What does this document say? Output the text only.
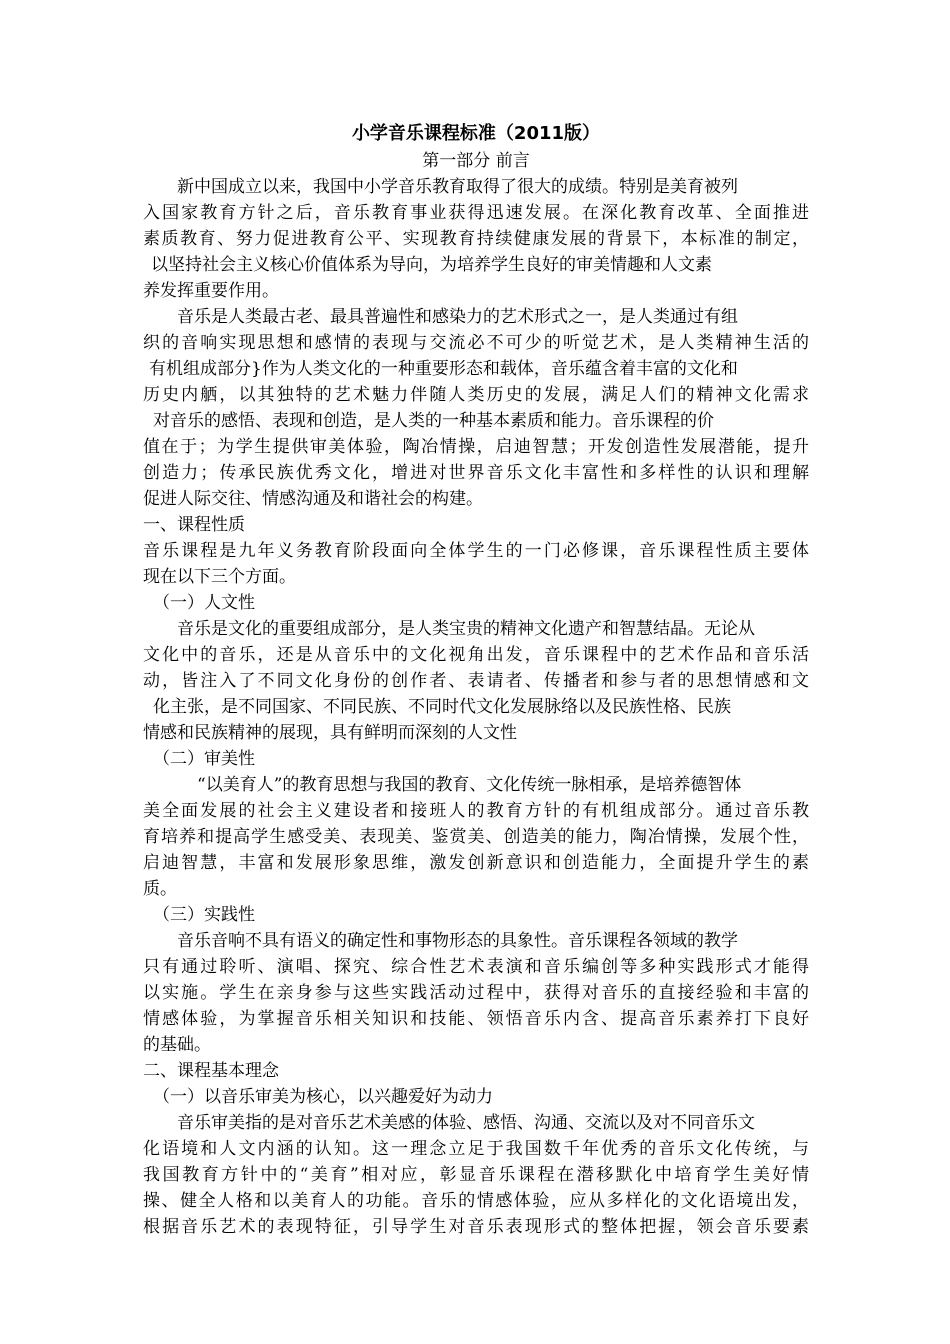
小学音乐课程标准（2011版）

第一部分 前言

新中国成立以来，我国中小学音乐教育取得了很大的成绩。特别是美育被列

入国家教育方针之后，音乐教育事业获得迅速发展。在深化教育改革、全面推进

素质教育、努力促进教育公平、实现教育持续健康发展的背景下，本标准的制定，

以坚持社会主义核心价值体系为导向，为培养学生良好的审美情趣和人文素

养发挥重要作用。

音乐是人类最古老、最具普遍性和感染力的艺术形式之一，是人类通过有组

织的音响实现思想和感情的表现与交流必不可少的听觉艺术，是人类精神生活的

有机组成部分}作为人类文化的一种重要形态和载体，音乐蕴含着丰富的文化和

历史内舾，以其独特的艺术魅力伴随人类历史的发展，满足人们的精神文化需求

对音乐的感悟、表现和创造，是人类的一种基本素质和能力。音乐课程的价

值在于；为学生提供审美体验，陶冶情操，启迪智慧；开发创造性发展潜能，提升

创造力；传承民族优秀文化，增进对世界音乐文化丰富性和多样性的认识和理解

促进人际交往、情感沟通及和谐社会的构建。

一、课程性质

音乐课程是九年义务教育阶段面向全体学生的一门必修课，音乐课程性质主要体

现在以下三个方面。

（一）人文性

音乐是文化的重要组成部分，是人类宝贵的精神文化遗产和智慧结晶。无论从

文化中的音乐，还是从音乐中的文化视角出发，音乐课程中的艺术作品和音乐活

动，皆注入了不同文化身份的创作者、表请者、传播者和参与者的思想情感和文

化主张，是不同国家、不同民族、不同时代文化发展脉络以及民族性格、民族

情感和民族精神的展现，具有鲜明而深刻的人文性

（二）审美性

“以美育人”的教育思想与我国的教育、文化传统一脉相承，是培养德智体

美全面发展的社会主义建设者和接班人的教育方针的有机组成部分。通过音乐教

育培养和提高学生感受美、表现美、鉴赏美、创造美的能力，陶冶情操，发展个性，

启迪智慧，丰富和发展形象思维，激发创新意识和创造能力，全面提升学生的素

质。

（三）实践性

音乐音响不具有语义的确定性和事物形态的具象性。音乐课程各领域的教学

只有通过聆听、演唱、探究、综合性艺术表演和音乐编创等多种实践形式才能得

以实施。学生在亲身参与这些实践活动过程中，获得对音乐的直接经验和丰富的

情感体验，为掌握音乐相关知识和技能、领悟音乐内含、提高音乐素养打下良好

的基础。

二、课程基本理念

（一）以音乐审美为核心，以兴趣爱好为动力

音乐审美指的是对音乐艺术美感的体验、感悟、沟通、交流以及对不同音乐文

化语境和人文内涵的认知。这一理念立足于我国数千年优秀的音乐文化传统，与

我国教育方针中的“美育”相对应，彰显音乐课程在潜移默化中培育学生美好情

操、健全人格和以美育人的功能。音乐的情感体验，应从多样化的文化语境出发，

根据音乐艺术的表现特征，引导学生对音乐表现形式的整体把握，领会音乐要素
